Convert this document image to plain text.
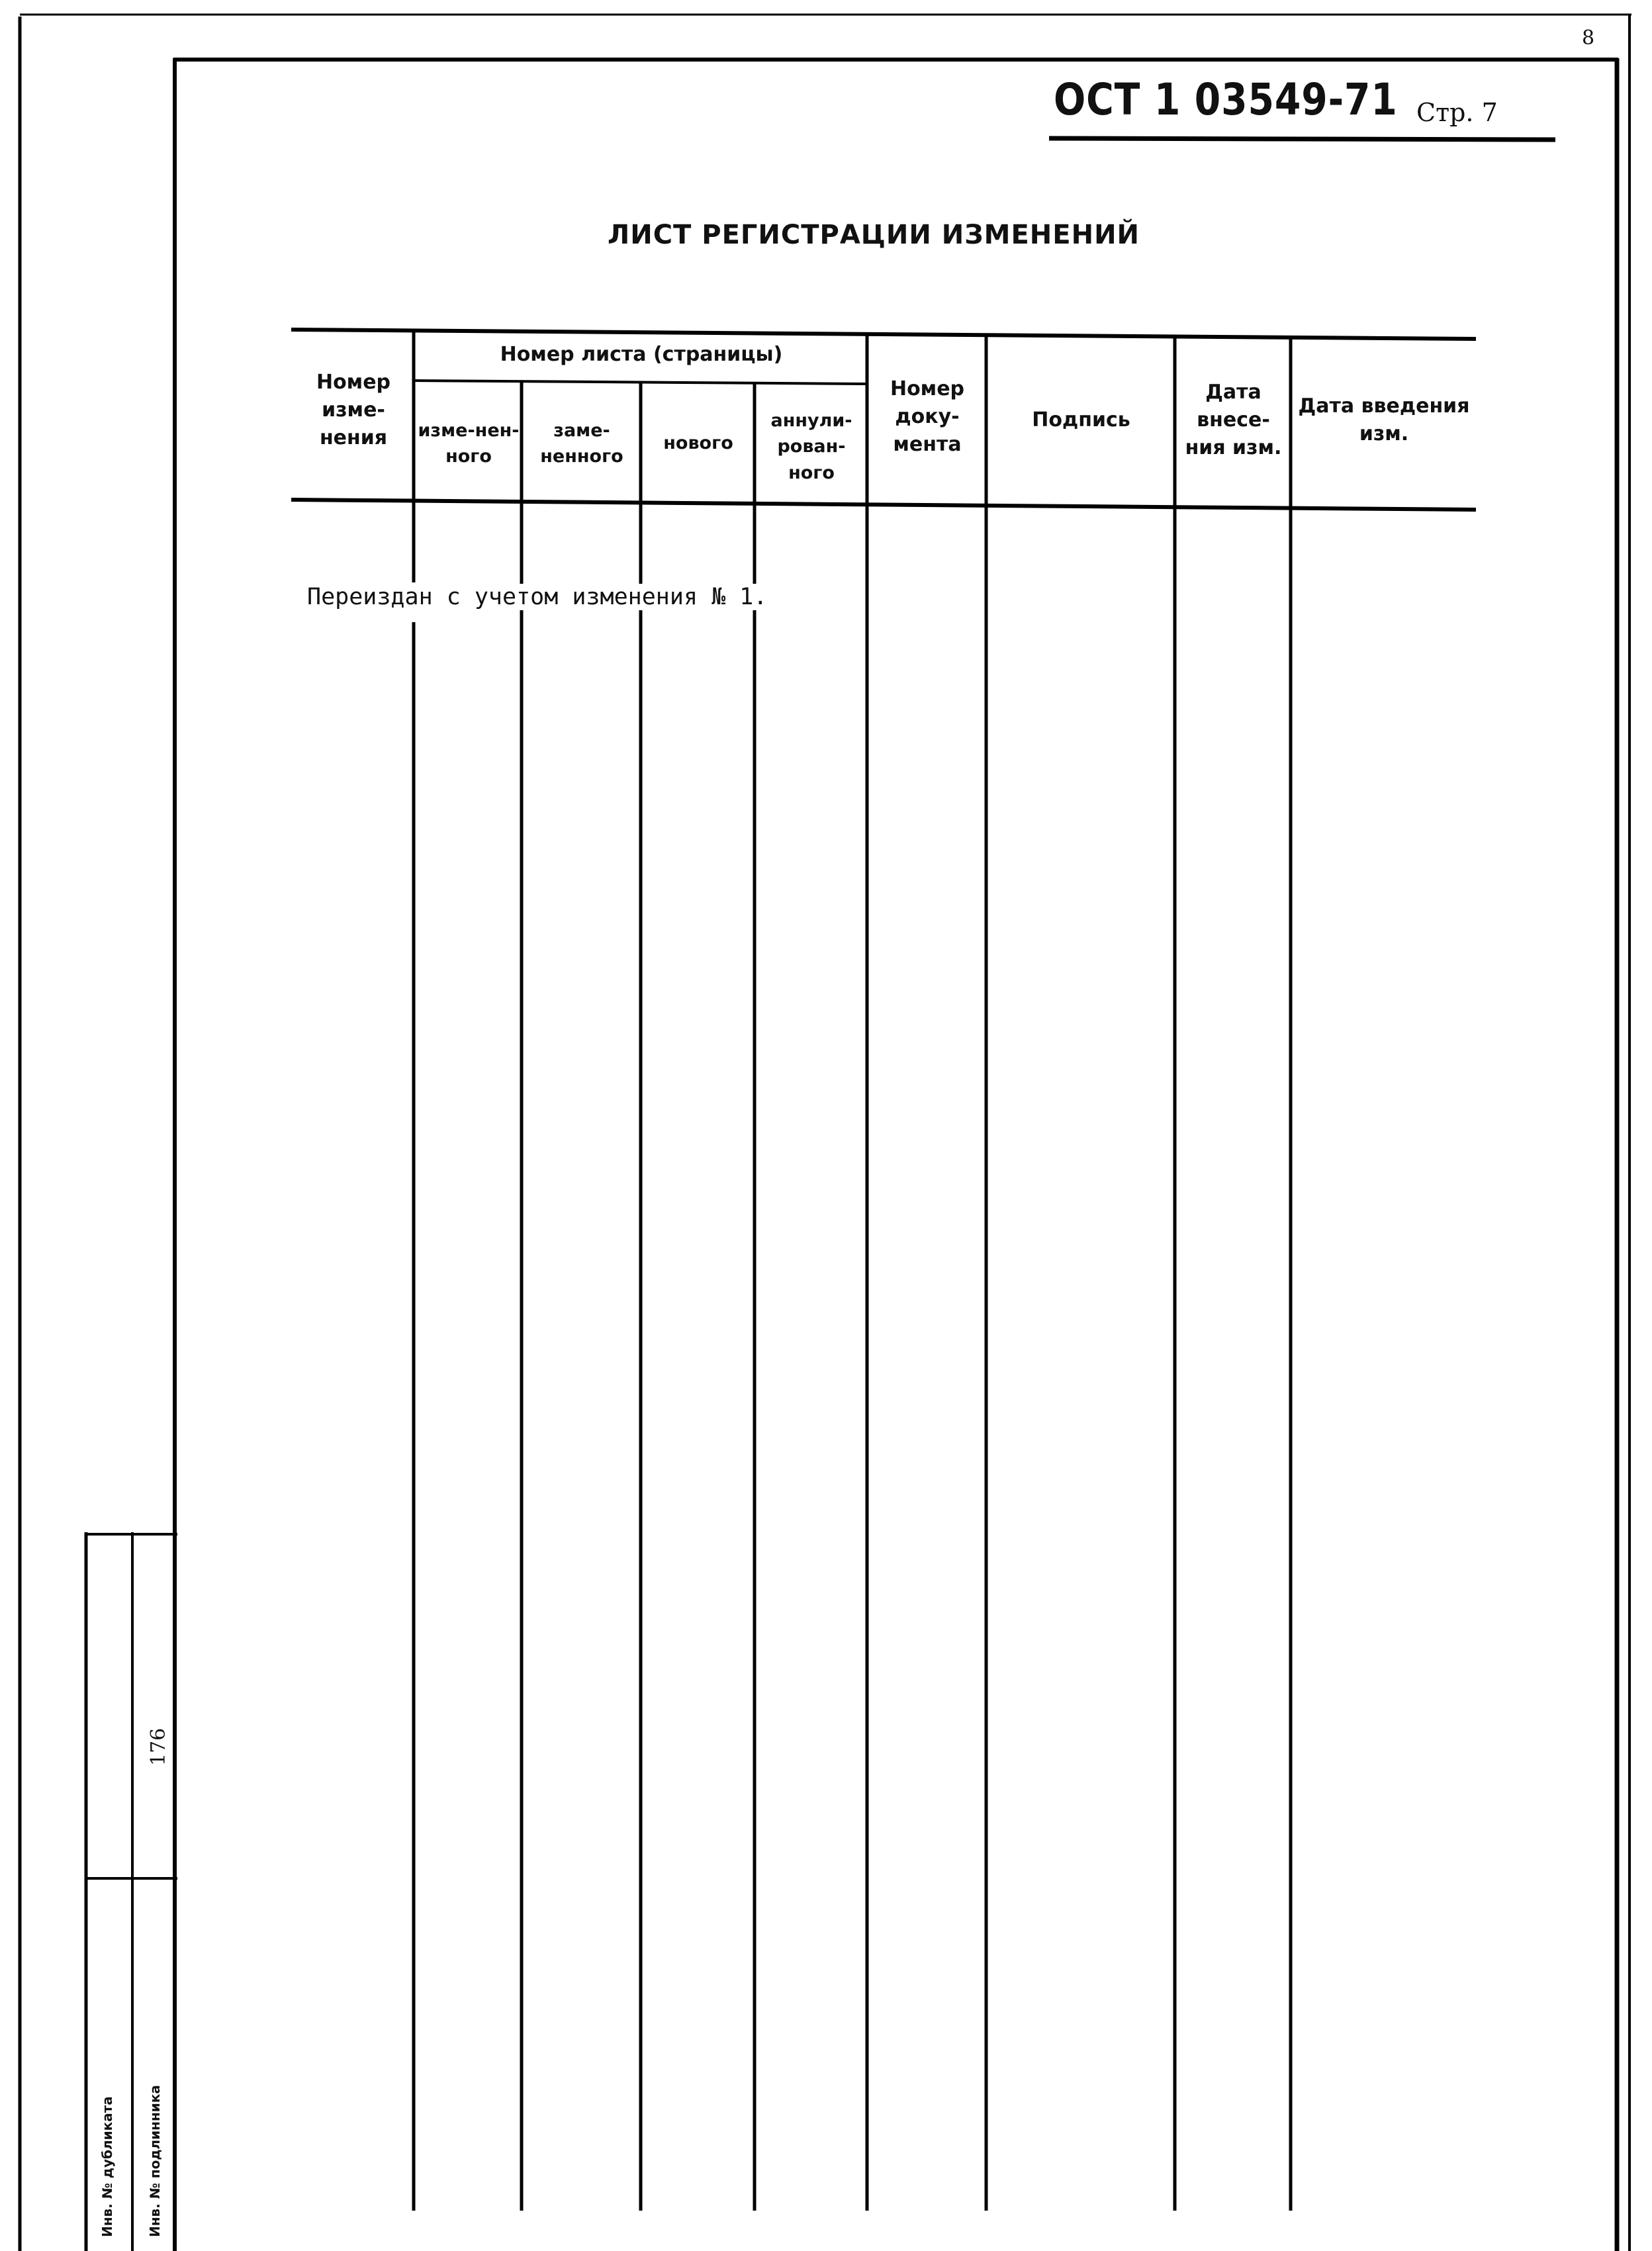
8
ОСТ 1 03549-71 Стр. 7
ЛИСТ РЕГИСТРАЦИИ ИЗМЕНЕНИЙ
Номер изме-нения
Номер листа (страницы)
изме-нен-ного
заме-ненного
нового
аннули-рован-ного
Номер доку-мента
Подпись
Дата внесе-ния изм.
Дата введения изм.
Переиздан с учетом изменения № 1.
Инв. № дубликата Инв. № подлинника
176
